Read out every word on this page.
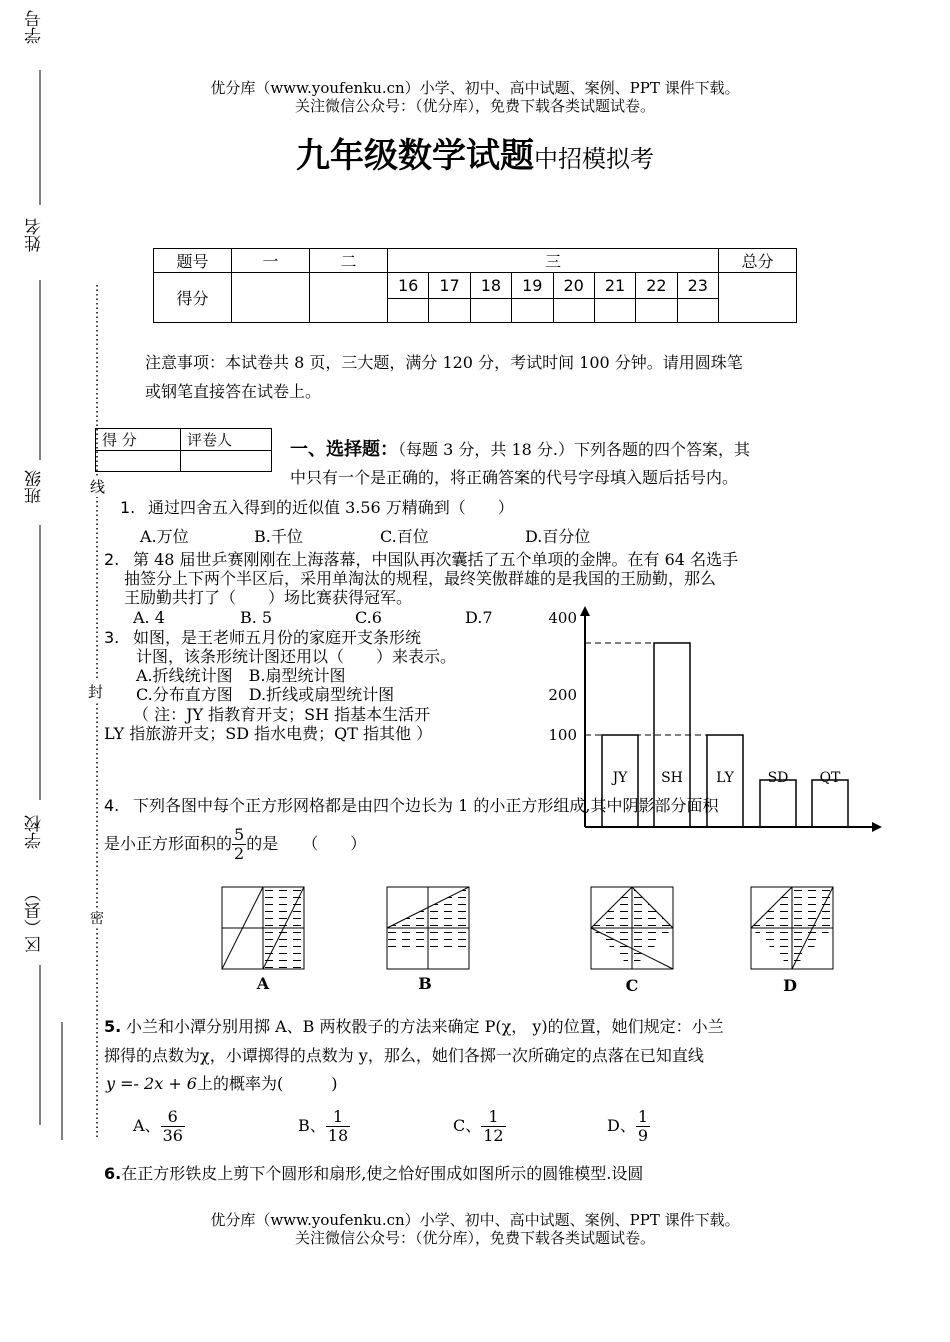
优分库（www.youfenku.cn）小学、初中、高中试题、案例、PPT 课件下载。
关注微信公众号：（优分库），免费下载各类试题试卷。
九年级数学试题中招模拟考
学号
姓名
班级
学校
区（县）
线
封
密
题号	一	二	三								总分
得分			16	17	18	19	20	21	22	23	

注意事项：本试卷共 8 页，三大题，满分 120 分，考试时间 100 分钟。请用圆珠笔
或钢笔直接答在试卷上。
得 分	评卷人
		一、选择题：（每题 3 分，共 18 分.）下列各题的四个答案，其
中只有一个是正确的，将正确答案的代号字母填入题后括号内。
1. 通过四舍五入得到的近似值 3.56 万精确到（　　）
A.万位	B.千位	C.百位	D.百分位
2. 第 48 届世乒赛刚刚在上海落幕，中国队再次囊括了五个单项的金牌。在有 64 名选手
抽签分上下两个半区后，采用单淘汰的规程，最终笑傲群雄的是我国的王励勤，那么
王励勤共打了（　　）场比赛获得冠军。
A. 4	B. 5	C.6	D.7
3. 如图，是王老师五月份的家庭开支条形统
计图，该条形统计图还用以（　　）来表示。
A.折线统计图　B.扇型统计图
C.分布直方图　D.折线或扇型统计图
（ 注：JY 指教育开支；SH 指基本生活开
LY 指旅游开支；SD 指水电费；QT 指其他 ）
400
200
100
JY SH LY SD QT
4. 下列各图中每个正方形网格都是由四个边长为 1 的小正方形组成,其中阴影部分面积
是小正方形面积的 $\frac{5}{2}$ 的是　　（　　）
A	B	C	D
5. 小兰和小潭分别用掷 A、B 两枚骰子的方法来确定 P(χ， y)的位置，她们规定：小兰
掷得的点数为χ，小谭掷得的点数为 y，那么，她们各掷一次所确定的点落在已知直线
y =- 2x + 6上的概率为(　　　)
A、 $\frac{6}{36}$	B、 $\frac{1}{18}$	C、 $\frac{1}{12}$	D、 $\frac{1}{9}$
6.在正方形铁皮上剪下个圆形和扇形,使之恰好围成如图所示的圆锥模型.设圆
优分库（www.youfenku.cn）小学、初中、高中试题、案例、PPT 课件下载。
关注微信公众号：（优分库），免费下载各类试题试卷。
